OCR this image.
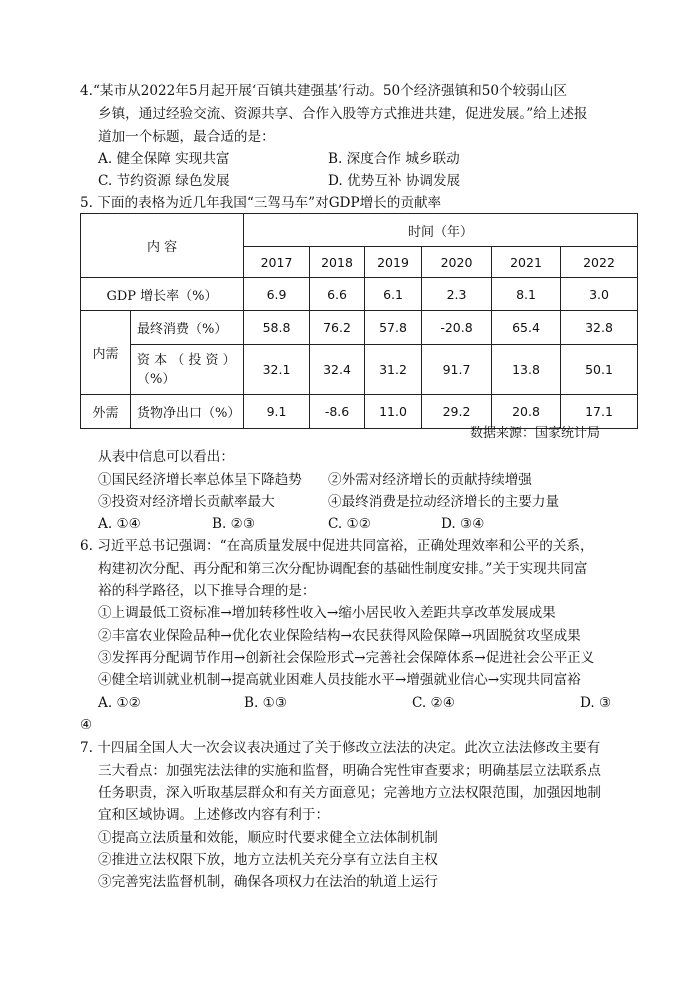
4.“某市从2022年5月起开展‘百镇共建强基’行动。50个经济强镇和50个较弱山区
乡镇，通过经验交流、资源共享、合作入股等方式推进共建，促进发展。”给上述报
道加一个标题，最合适的是：
A. 健全保障 实现共富	B. 深度合作 城乡联动
C. 节约资源 绿色发展	D. 优势互补 协调发展
5. 下面的表格为近几年我国“三驾马车”对GDP增长的贡献率
内 容		时间（年）					
		2017	2018	2019	2020	2021	2022
GDP 增长率（%）		6.9	6.6	6.1	2.3	8.1	3.0
内需	最终消费（%）	58.8	76.2	57.8	-20.8	65.4	32.8
	资 本 （ 投 资 ）
（%）	32.1	32.4	31.2	91.7	13.8	50.1
外需	货物净出口（%）	9.1	-8.6	11.0	29.2	20.8	17.1
数据来源：国家统计局
从表中信息可以看出：
①国民经济增长率总体呈下降趋势 ②外需对经济增长的贡献持续增强
③投资对经济增长贡献率最大	④最终消费是拉动经济增长的主要力量
A. ①④	B. ②③	C. ①②	D. ③④
6. 习近平总书记强调：“在高质量发展中促进共同富裕，正确处理效率和公平的关系，
构建初次分配、再分配和第三次分配协调配套的基础性制度安排。”关于实现共同富
裕的科学路径，以下推导合理的是：
①上调最低工资标准→增加转移性收入→缩小居民收入差距共享改革发展成果
②丰富农业保险品种→优化农业保险结构→农民获得风险保障→巩固脱贫攻坚成果
③发挥再分配调节作用→创新社会保险形式→完善社会保障体系→促进社会公平正义
④健全培训就业机制→提高就业困难人员技能水平→增强就业信心→实现共同富裕
A. ①②	B. ①③	C. ②④	D. ③
④
7. 十四届全国人大一次会议表决通过了关于修改立法法的决定。此次立法法修改主要有
三大看点：加强宪法法律的实施和监督，明确合宪性审查要求；明确基层立法联系点
任务职责，深入听取基层群众和有关方面意见；完善地方立法权限范围，加强因地制
宜和区域协调。上述修改内容有利于：
①提高立法质量和效能，顺应时代要求健全立法体制机制
②推进立法权限下放，地方立法机关充分享有立法自主权
③完善宪法监督机制，确保各项权力在法治的轨道上运行
